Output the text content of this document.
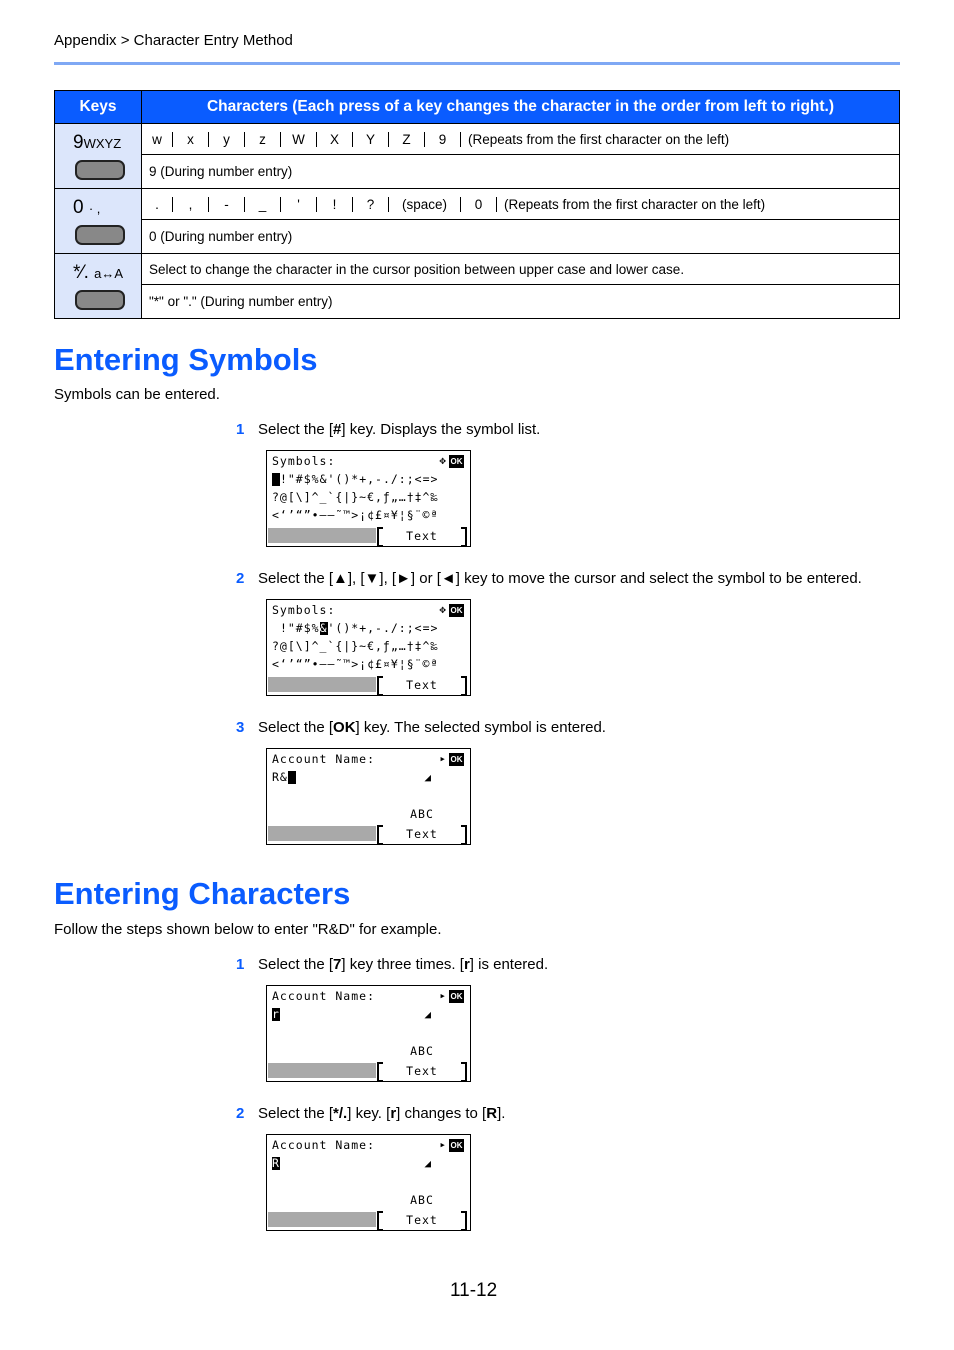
Appendix > Character Entry Method
Keys	Characters (Each press of a key changes the character in the order from left to right.)

9WXYZ
	w	x	y	z	W	X	Y	Z	9	(Repeats from the first character on the left)

9 (During number entry)

0 · ,
		.	,	-	_	'	!	?	(space)	0	(Repeats from the first character on the left)

0 (During number entry)

*⁄. a↔A	Select to change the character in the cursor position between upper case and lower case.
"*" or "." (During number entry)
Entering Symbols
Symbols can be entered.
1 Select the [#] key. Displays the symbol list.
Symbols:	✥ OK
!"#$%&'()*+,-./:;<=>
?@[\]^_`{|}~€,ƒ„…†‡^‰
<‘’“”•–—˜™>¡¢£¤¥¦§¨©ª
Text
2 Select the [▲], [▼], [►] or [◄] key to move the cursor and select the symbol to be entered.
Symbols:	✥ OK
!"#$%&'()*+,-./:;<=>
?@[\]^_`{|}~€,ƒ„…†‡^‰
<‘’“”•–—˜™>¡¢£¤¥¦§¨©ª
Text
3 Select the [OK] key. The selected symbol is entered.
Account Name:	▸ OK
R&	◢
ABC
Text
Entering Characters
Follow the steps shown below to enter "R&D" for example.
1 Select the [7] key three times. [r] is entered.
Account Name:	▸ OK
r	◢
ABC
Text
2 Select the [*/.] key. [r] changes to [R].
Account Name:	▸ OK
R	◢
ABC
Text
11-12
